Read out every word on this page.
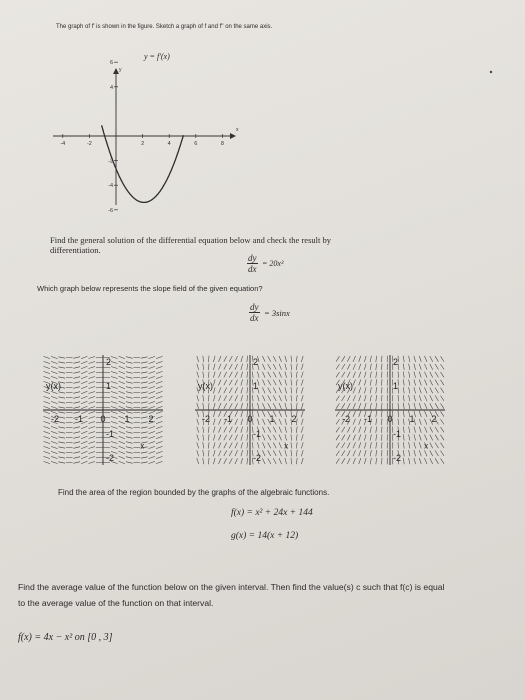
The graph of f' is shown in the figure. Sketch a graph of f and f'' on the same axis.
y = f'(x)
x
y
-4	-2	2	4	6	8
6
4
-2
-4
-6
Find the general solution of the differential equation below and check the result by
differentiation.
$\frac{dy}{dx} = 20x^3$
Which graph below represents the slope field of the given equation?
$\frac{dy}{dx} = 3\sin x$
-2 -1 0 1 2
2
1
-1
-2
y(x)
x
-2 -1 0 1 2
2
1
-1
-2
y(x)
x
-2 -1 0 1 2
2
1
-1
-2
y(x)
x
Find the area of the region bounded by the graphs of the algebraic functions.
f(x) = x² + 24x + 144
g(x) = 14(x + 12)
Find the average value of the function below on the given interval. Then find the value(s) c such that f(c) is equal
to the average value of the function on that interval.
f(x) = 4x − x² on [0 , 3]
